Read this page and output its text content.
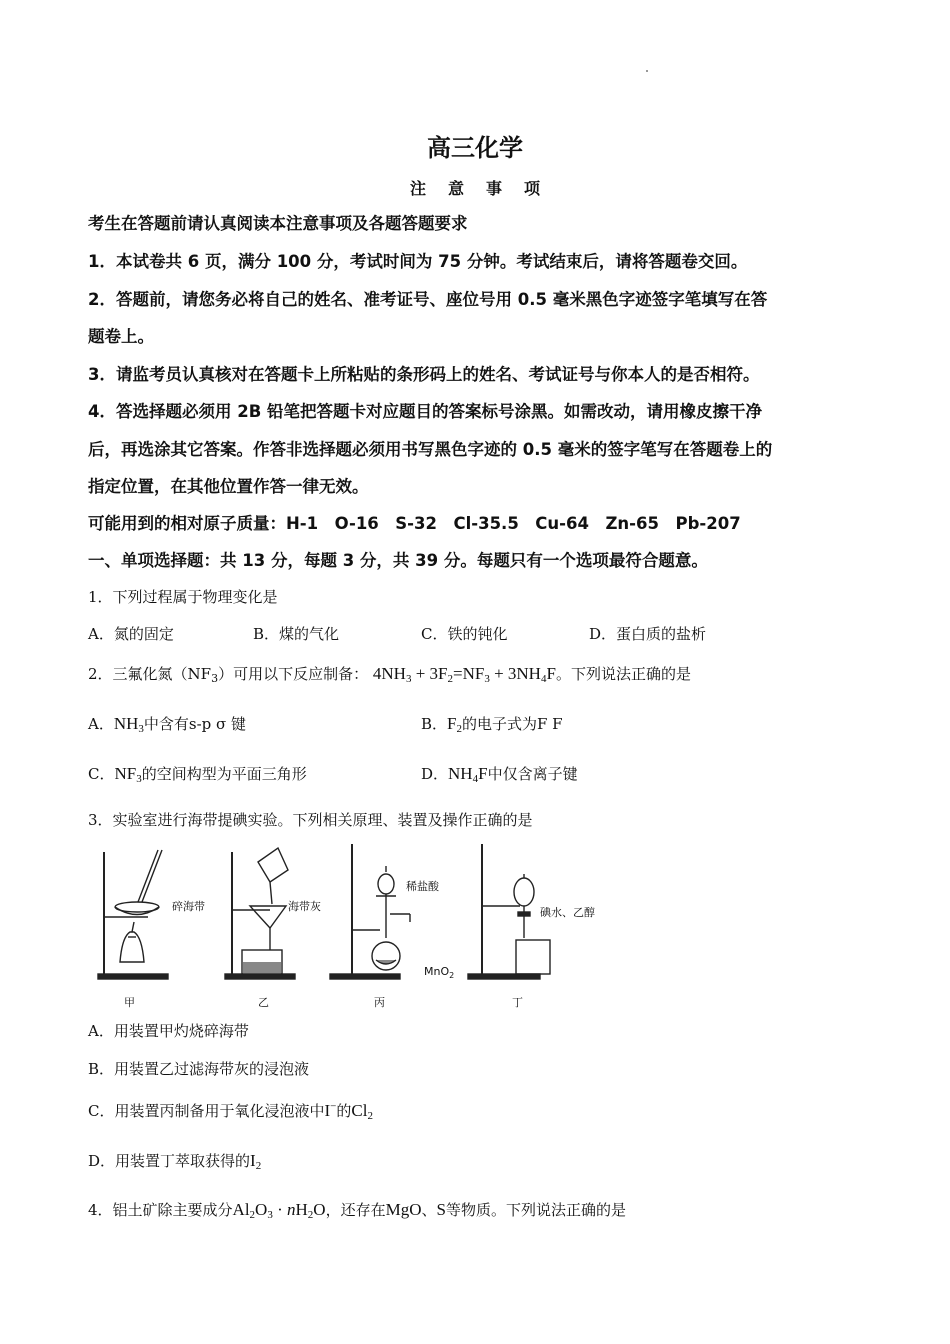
高三化学
注意事项
考生在答题前请认真阅读本注意事项及各题答题要求
1．本试卷共 6 页，满分 100 分，考试时间为 75 分钟。考试结束后，请将答题卷交回。
2．答题前，请您务必将自己的姓名、准考证号、座位号用 0.5 毫米黑色字迹签字笔填写在答
题卷上。
3．请监考员认真核对在答题卡上所粘贴的条形码上的姓名、考试证号与你本人的是否相符。
4．答选择题必须用 2B 铅笔把答题卡对应题目的答案标号涂黑。如需改动，请用橡皮擦干净
后，再选涂其它答案。作答非选择题必须用书写黑色字迹的 0.5 毫米的签字笔写在答题卷上的
指定位置，在其他位置作答一律无效。
可能用到的相对原子质量：H-1　O-16　S-32　Cl-35.5　Cu-64　Zn-65　Pb-207
一、单项选择题：共 13 分，每题 3 分，共 39 分。每题只有一个选项最符合题意。
1．下列过程属于物理变化是
A．氮的固定	B．煤的气化	C．铁的钝化	D．蛋白质的盐析
2．三氟化氮$(NF_3)$可用以下反应制备： $4NH_3 + 3F_2=NF_3 + 3NH_4F$。下列说法正确的是
A．$NH_3$中含有s-p σ 键	B．$F_2$的电子式为F F
C．$NF_3$的空间构型为平面三角形	D．$NH_4F$中仅含离子键
3．实验室进行海带提碘实验。下列相关原理、装置及操作正确的是
碎海带	海带灰
稀盐酸
MnO$_2$
碘水、乙醇
甲	乙	丙	丁
A．用装置甲灼烧碎海带
B．用装置乙过滤海带灰的浸泡液
C．用装置丙制备用于氧化浸泡液中I−的$Cl_2$
D．用装置丁萃取获得的$I_2$
4．铝土矿除主要成分$Al_2O_3 \cdot nH_2O$，还存在MgO、S等物质。下列说法正确的是
